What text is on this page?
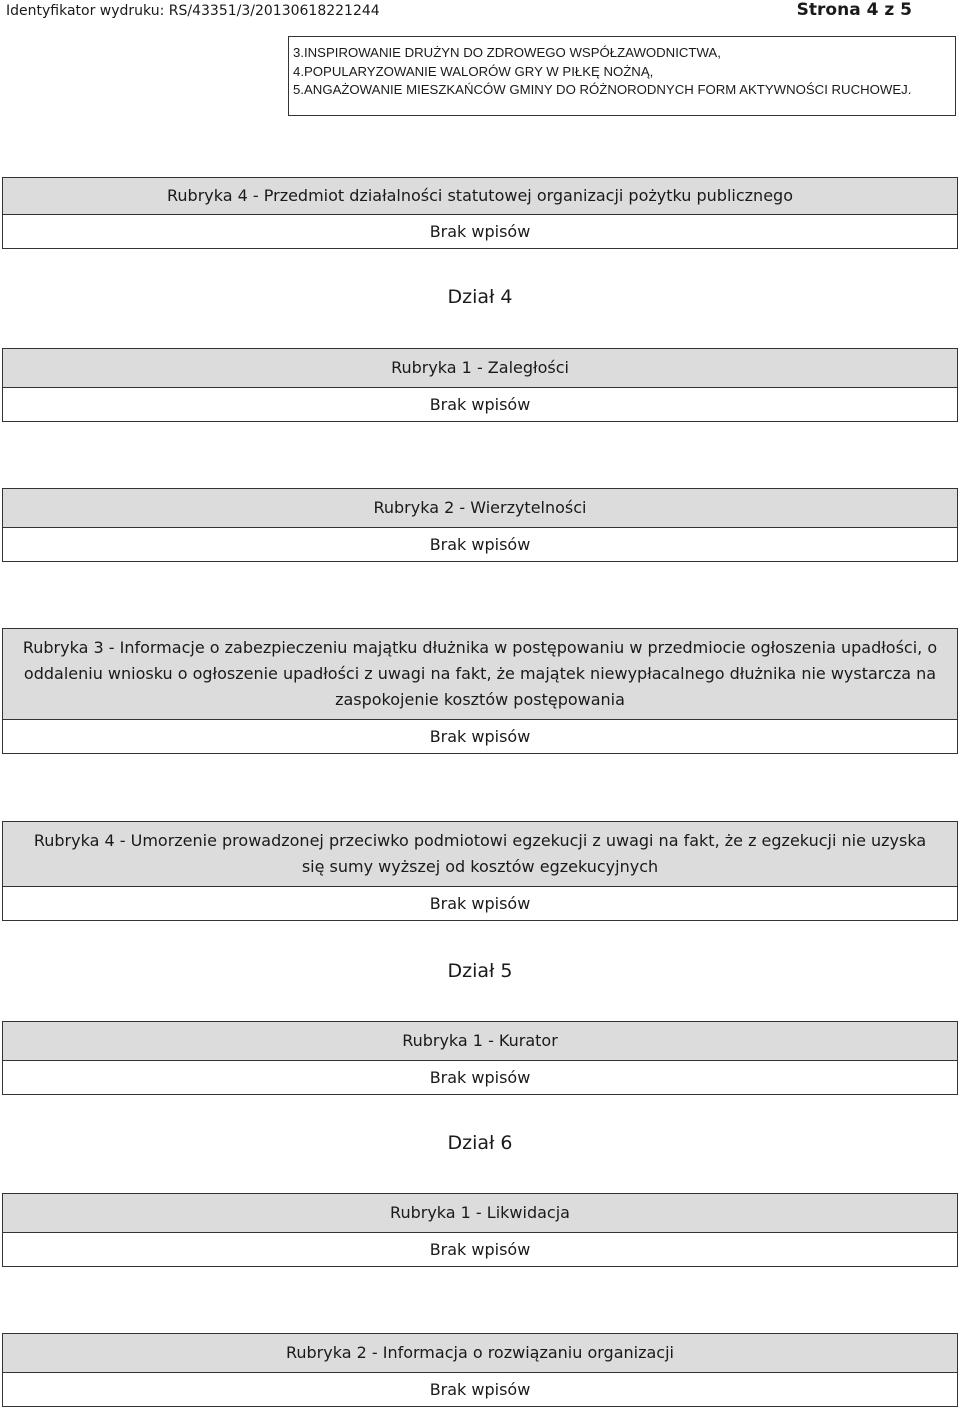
Identyfikator wydruku: RS/43351/3/20130618221244	Strona 4 z 5
3.INSPIROWANIE DRUŻYN DO ZDROWEGO WSPÓŁZAWODNICTWA,
4.POPULARYZOWANIE WALORÓW GRY W PIŁKĘ NOŻNĄ,
5.ANGAŻOWANIE MIESZKAŃCÓW GMINY DO RÓŻNORODNYCH FORM AKTYWNOŚCI RUCHOWEJ.
Rubryka 4 - Przedmiot działalności statutowej organizacji pożytku publicznego
Brak wpisów
Dział 4
Rubryka 1 - Zaległości
Brak wpisów
Rubryka 2 - Wierzytelności
Brak wpisów
Rubryka 3 - Informacje o zabezpieczeniu majątku dłużnika w postępowaniu w przedmiocie ogłoszenia upadłości, o oddaleniu wniosku o ogłoszenie upadłości z uwagi na fakt, że majątek niewypłacalnego dłużnika nie wystarcza na zaspokojenie kosztów postępowania
Brak wpisów
Rubryka 4 - Umorzenie prowadzonej przeciwko podmiotowi egzekucji z uwagi na fakt, że z egzekucji nie uzyska się sumy wyższej od kosztów egzekucyjnych
Brak wpisów
Dział 5
Rubryka 1 - Kurator
Brak wpisów
Dział 6
Rubryka 1 - Likwidacja
Brak wpisów
Rubryka 2 - Informacja o rozwiązaniu organizacji
Brak wpisów
